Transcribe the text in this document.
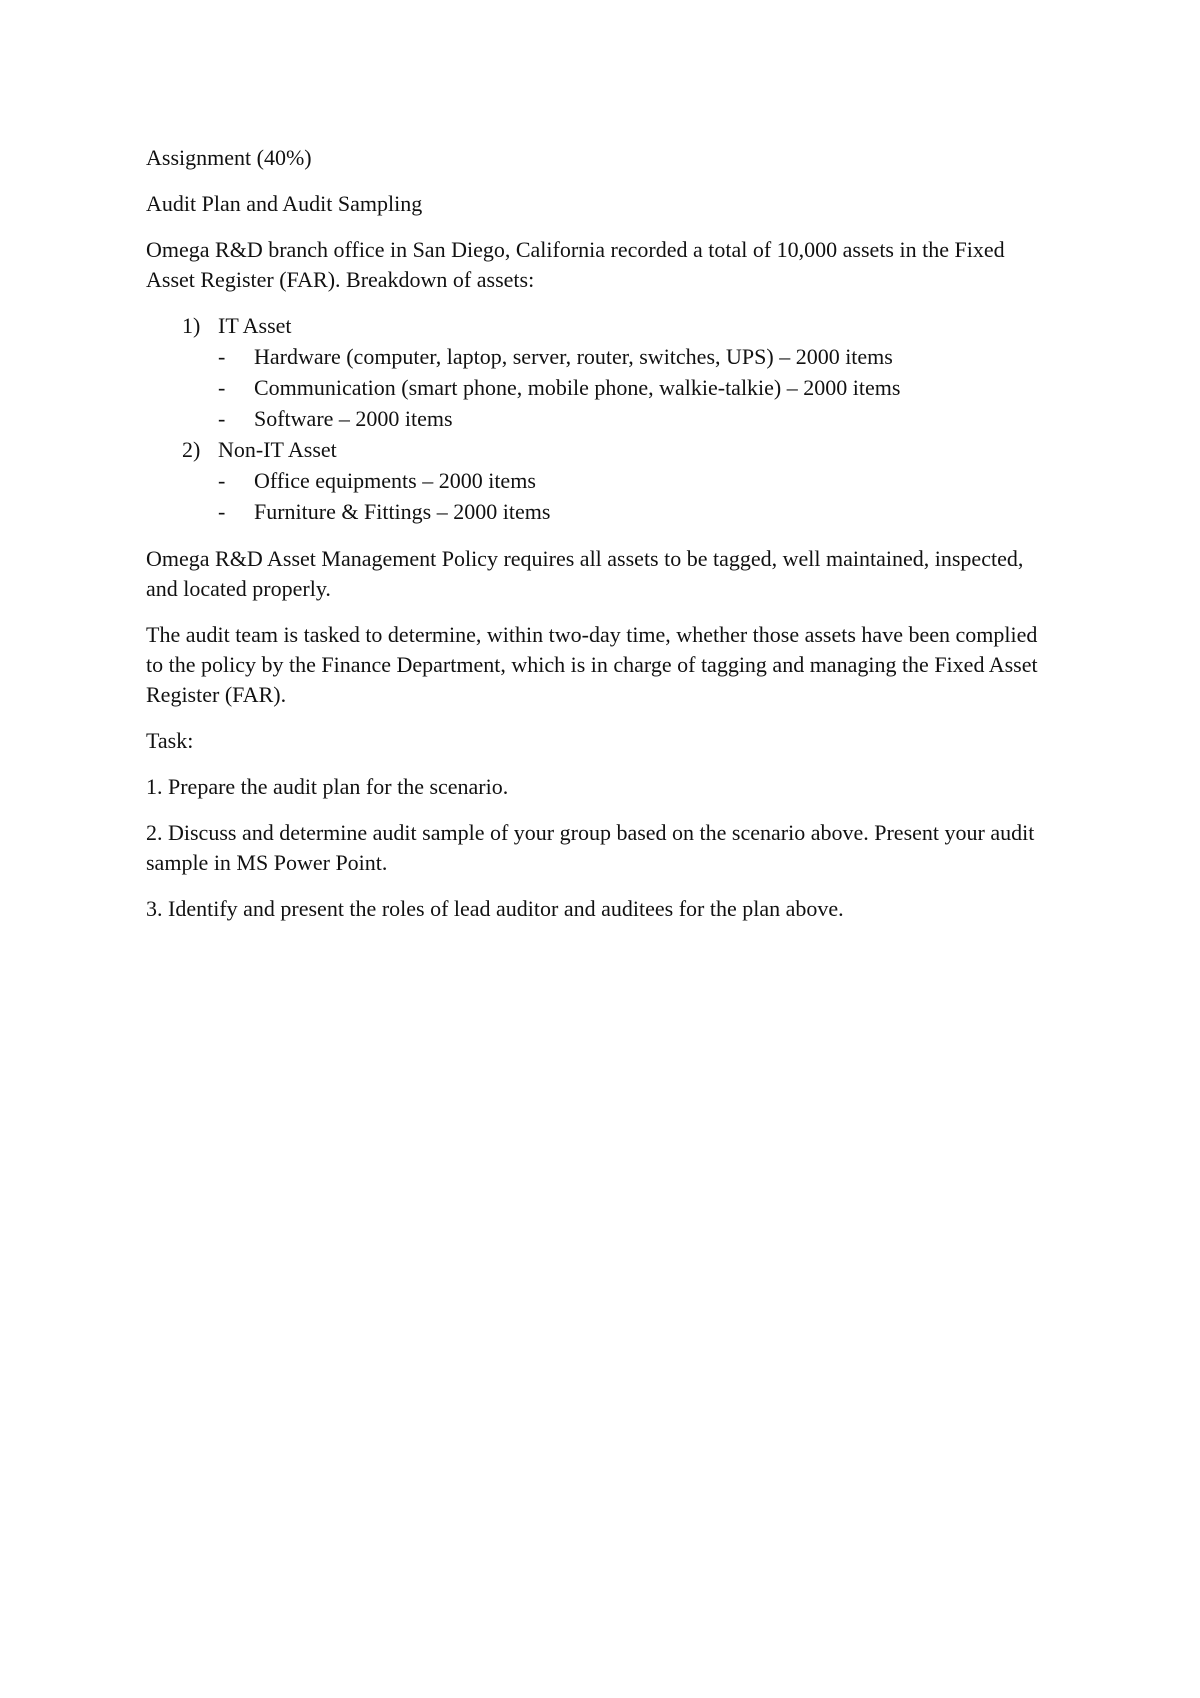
Assignment (40%)

Audit Plan and Audit Sampling

Omega R&D branch office in San Diego, California recorded a total of 10,000 assets in the Fixed Asset Register (FAR). Breakdown of assets:

1) IT Asset
-	Hardware (computer, laptop, server, router, switches, UPS) – 2000 items
-	Communication (smart phone, mobile phone, walkie-talkie) – 2000 items
-	Software – 2000 items
2) Non-IT Asset
-	Office equipments – 2000 items
-	Furniture & Fittings – 2000 items

Omega R&D Asset Management Policy requires all assets to be tagged, well maintained, inspected, and located properly.

The audit team is tasked to determine, within two-day time, whether those assets have been complied to the policy by the Finance Department, which is in charge of tagging and managing the Fixed Asset Register (FAR).

Task:

1. Prepare the audit plan for the scenario.

2. Discuss and determine audit sample of your group based on the scenario above. Present your audit sample in MS Power Point.

3. Identify and present the roles of lead auditor and auditees for the plan above.
